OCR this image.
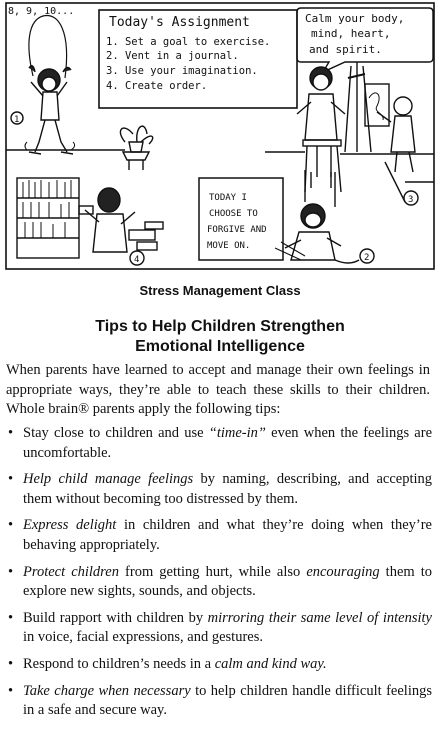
8, 9, 10...
1
Today's Assignment
1. Set a goal to exercise.
2. Vent in a journal.
3. Use your imagination.
4. Create order.
Calm your body,
mind, heart,
and spirit.
3
4
TODAY I
CHOOSE TO
FORGIVE AND
MOVE ON.
2
Stress Management Class
Tips to Help Children Strengthen
Emotional Intelligence

When parents have learned to accept and manage their own feelings in appropriate ways, they’re able to teach these skills to their children. Whole brain® parents apply the following tips:

• Stay close to children and use “time-in” even when the feelings are uncomfortable.
• Help child manage feelings by naming, describing, and accepting them without becoming too distressed by them.
• Express delight in children and what they’re doing when they’re behaving appropriately.
• Protect children from getting hurt, while also encouraging them to explore new sights, sounds, and objects.
• Build rapport with children by mirroring their same level of intensity in voice, facial expressions, and gestures.
• Respond to children’s needs in a calm and kind way.
• Take charge when necessary to help children handle difficult feelings in a safe and secure way.
